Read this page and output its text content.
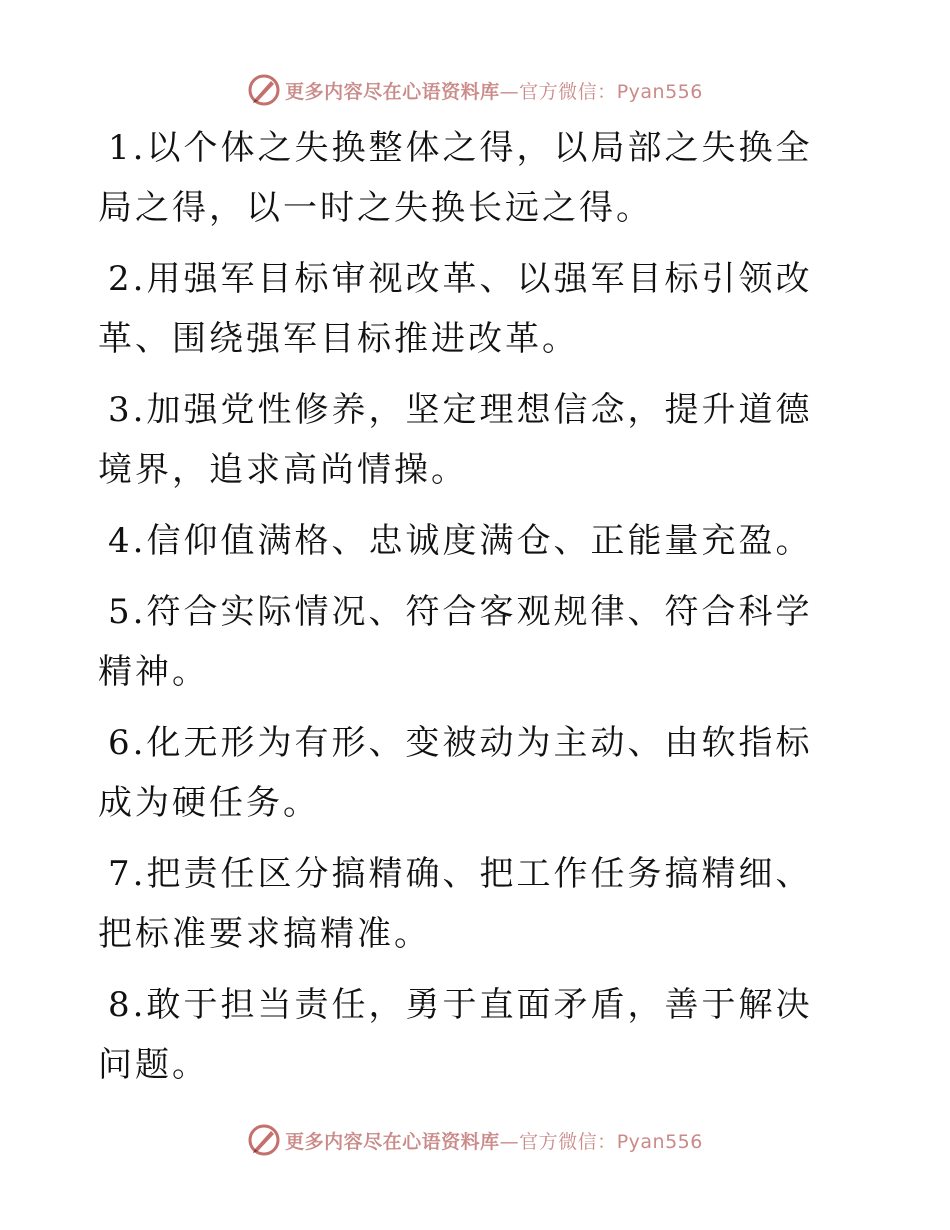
更多内容尽在心语资料库—官方微信：Pyan556

1.以个体之失换整体之得，以局部之失换全局之得，以一时之失换长远之得。

2.用强军目标审视改革、以强军目标引领改革、围绕强军目标推进改革。

3.加强党性修养，坚定理想信念，提升道德境界，追求高尚情操。

4.信仰值满格、忠诚度满仓、正能量充盈。

5.符合实际情况、符合客观规律、符合科学精神。

6.化无形为有形、变被动为主动、由软指标成为硬任务。

7.把责任区分搞精确、把工作任务搞精细、把标准要求搞精准。

8.敢于担当责任，勇于直面矛盾，善于解决问题。

更多内容尽在心语资料库—官方微信：Pyan556
